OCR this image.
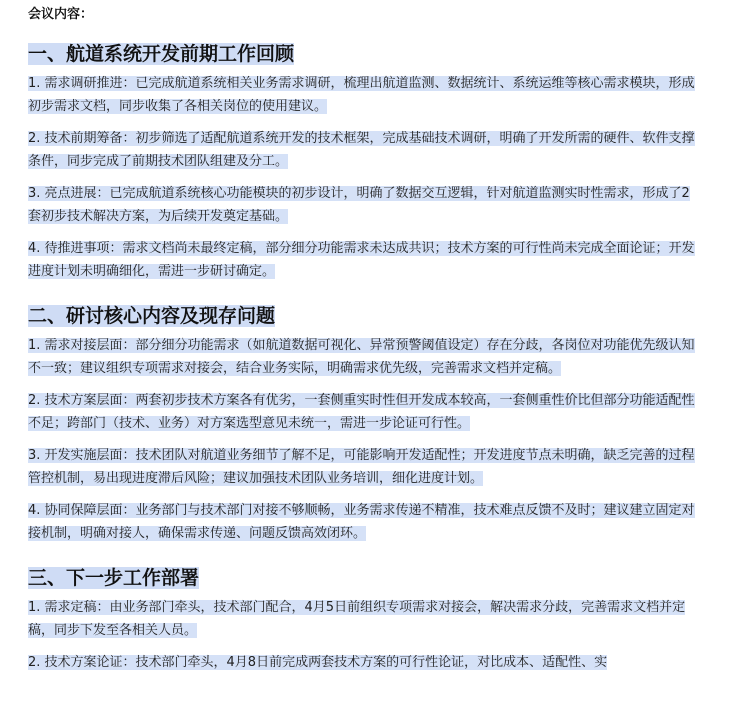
会议内容：
一、航道系统开发前期工作回顾

1. 需求调研推进：已完成航道系统相关业务需求调研，梳理出航道监测、数据统计、系统运维等核心需求模块，形成初步需求文档，同步收集了各相关岗位的使用建议。

2. 技术前期筹备：初步筛选了适配航道系统开发的技术框架，完成基础技术调研，明确了开发所需的硬件、软件支撑条件，同步完成了前期技术团队组建及分工。

3. 亮点进展：已完成航道系统核心功能模块的初步设计，明确了数据交互逻辑，针对航道监测实时性需求，形成了2套初步技术解决方案，为后续开发奠定基础。

4. 待推进事项：需求文档尚未最终定稿，部分细分功能需求未达成共识；技术方案的可行性尚未完成全面论证；开发进度计划未明确细化，需进一步研讨确定。

二、研讨核心内容及现存问题

1. 需求对接层面：部分细分功能需求（如航道数据可视化、异常预警阈值设定）存在分歧，各岗位对功能优先级认知不一致；建议组织专项需求对接会，结合业务实际，明确需求优先级，完善需求文档并定稿。

2. 技术方案层面：两套初步技术方案各有优劣，一套侧重实时性但开发成本较高，一套侧重性价比但部分功能适配性不足；跨部门（技术、业务）对方案选型意见未统一，需进一步论证可行性。

3. 开发实施层面：技术团队对航道业务细节了解不足，可能影响开发适配性；开发进度节点未明确，缺乏完善的过程管控机制，易出现进度滞后风险；建议加强技术团队业务培训，细化进度计划。

4. 协同保障层面：业务部门与技术部门对接不够顺畅，业务需求传递不精准，技术难点反馈不及时；建议建立固定对接机制，明确对接人，确保需求传递、问题反馈高效闭环。

三、下一步工作部署

1. 需求定稿：由业务部门牵头，技术部门配合，4月5日前组织专项需求对接会，解决需求分歧，完善需求文档并定稿，同步下发至各相关人员。

2. 技术方案论证：技术部门牵头，4月8日前完成两套技术方案的可行性论证，对比成本、适配性、实
